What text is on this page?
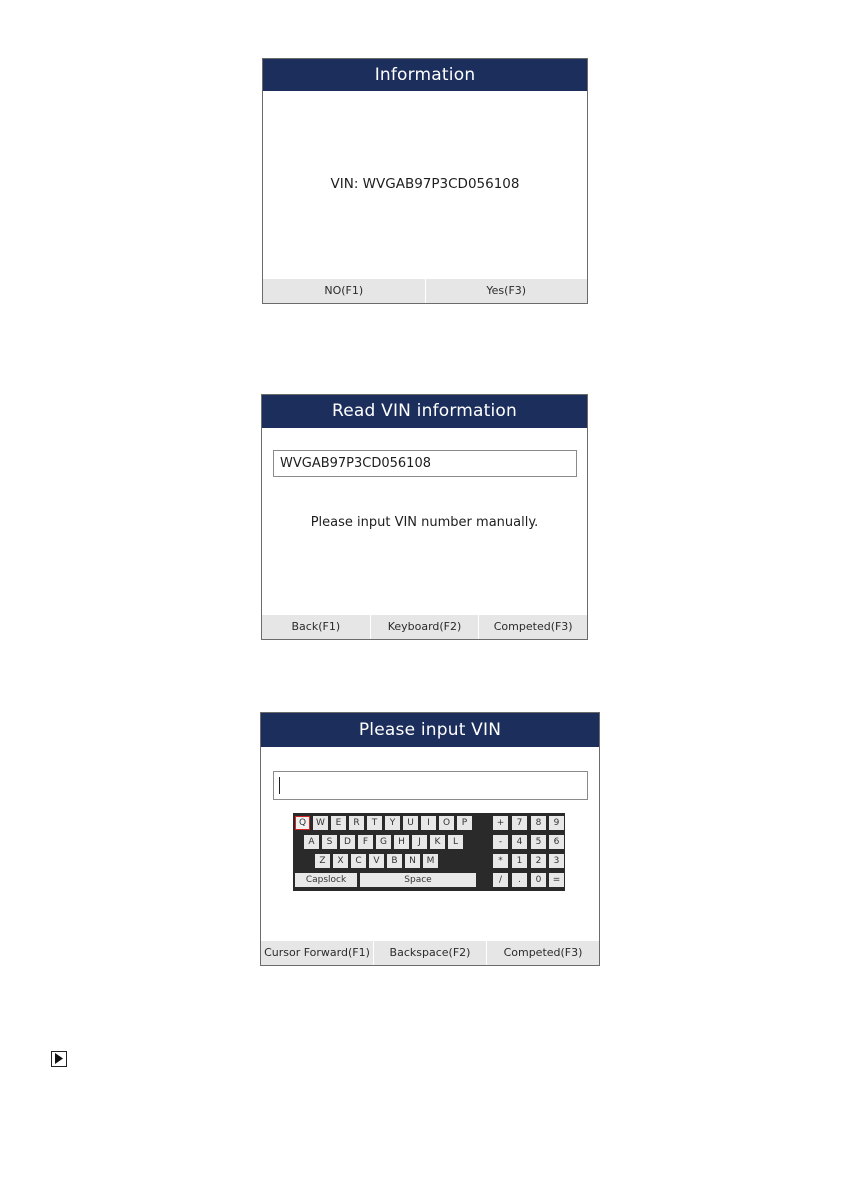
Information
VIN: WVGAB97P3CD056108
NO(F1)	Yes(F3)
Read VIN information
WVGAB97P3CD056108
Please input VIN number manually.
Back(F1)	Keyboard(F2)	Competed(F3)
Please input VIN
Q	W	E	R	T	Y	U	I	O	P
A	S	D	F	G	H	J	K	L
Z	X	C	V	B	N	M
Capslock	Space
+	7	8	9
-	4	5	6
*	1	2	3
/	.	0	=
Cursor Forward(F1)	Backspace(F2)	Competed(F3)
